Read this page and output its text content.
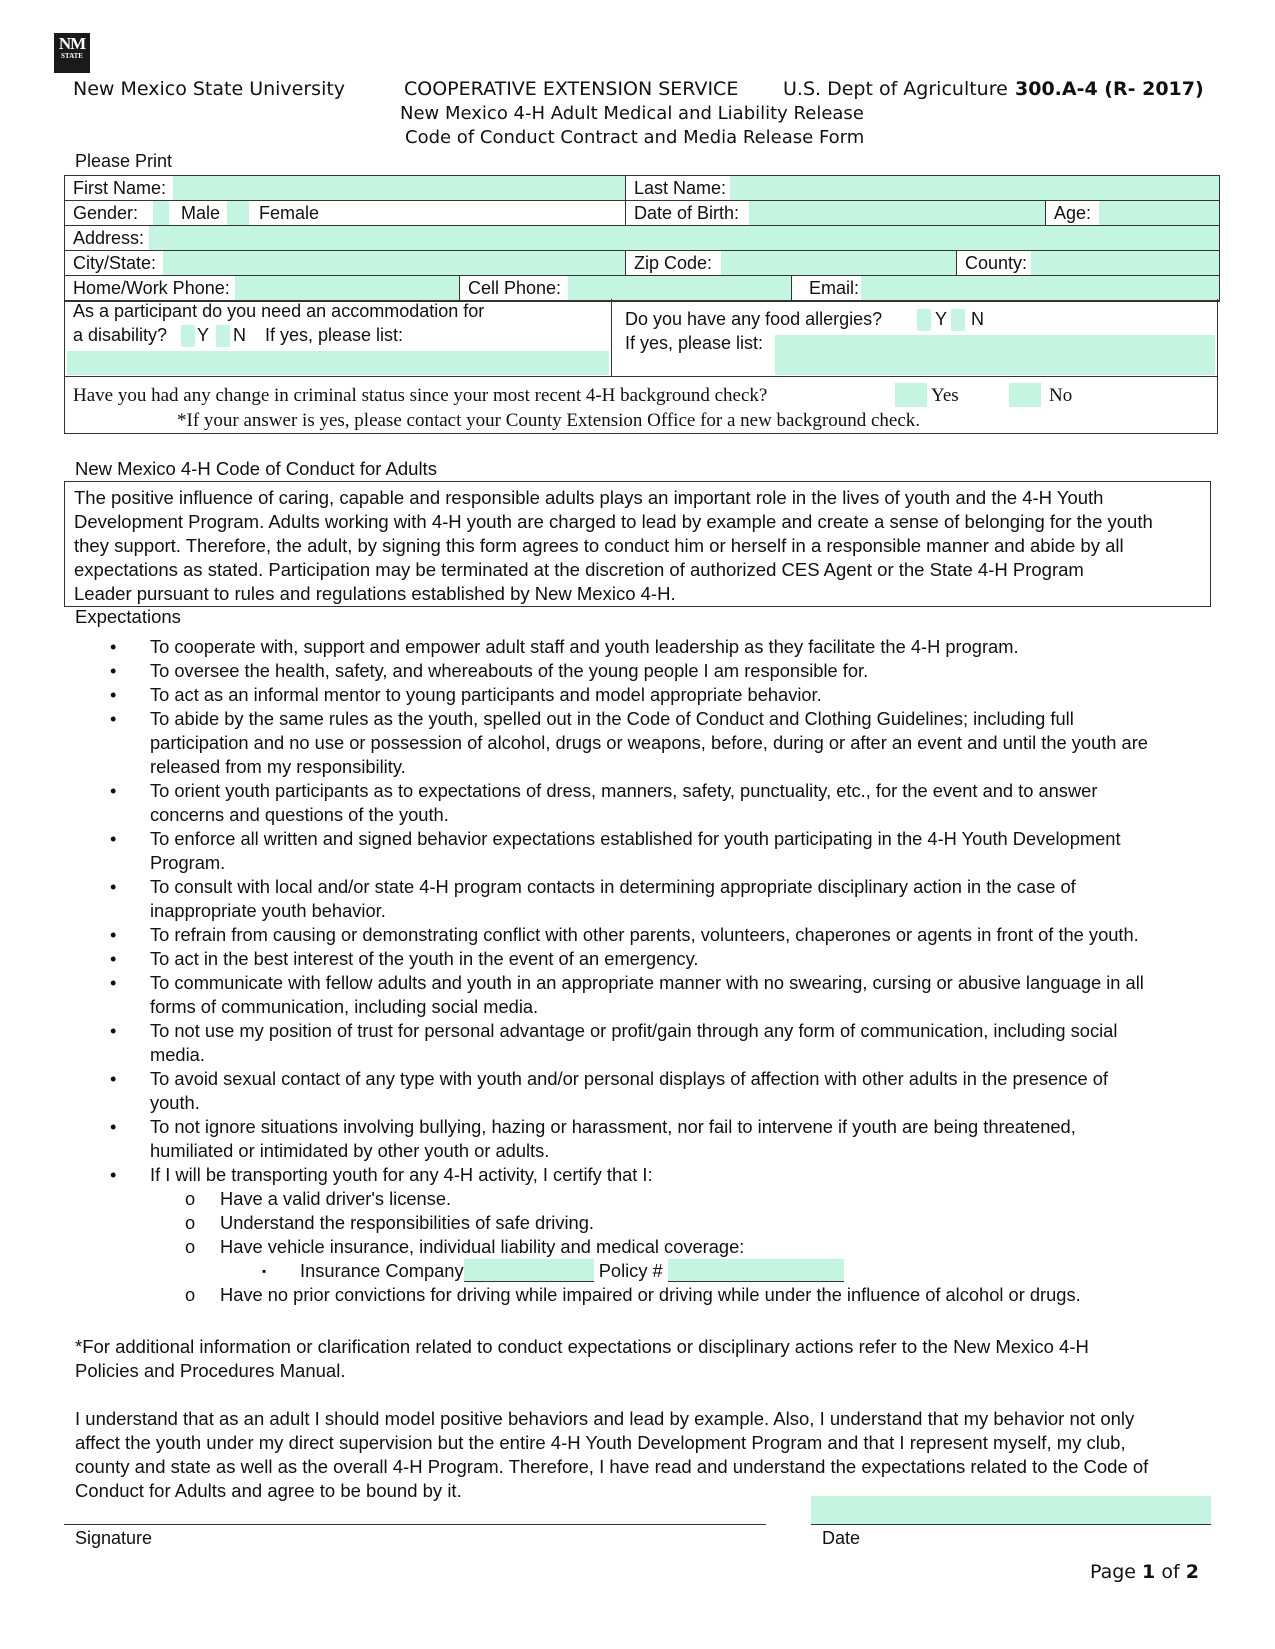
NM
STATE
New Mexico State University	COOPERATIVE EXTENSION SERVICE U.S. Dept of Agriculture 300.A-4 (R- 2017)
New Mexico 4-H Adult Medical and Liability Release
Code of Conduct Contract and Media Release Form
Please Print
First Name:	Last Name:
Gender:	Male	Female	Date of Birth:	Age:
Address:
City/State:	Zip Code:	County:
Home/Work Phone:	Cell Phone:	Email:
As a participant do you need an accommodation for
a disability? Y N If yes, please list:
Do you have any food allergies?	Y N
If yes, please list:
Have you had any change in criminal status since your most recent 4-H background check?	Yes	No
*If your answer is yes, please contact your County Extension Office for a new background check.
New Mexico 4-H Code of Conduct for Adults
The positive influence of caring, capable and responsible adults plays an important role in the lives of youth and the 4-H Youth
Development Program. Adults working with 4-H youth are charged to lead by example and create a sense of belonging for the youth
they support. Therefore, the adult, by signing this form agrees to conduct him or herself in a responsible manner and abide by all
expectations as stated. Participation may be terminated at the discretion of authorized CES Agent or the State 4-H Program
Leader pursuant to rules and regulations established by New Mexico 4-H.
Expectations
• To cooperate with, support and empower adult staff and youth leadership as they facilitate the 4-H program.
• To oversee the health, safety, and whereabouts of the young people I am responsible for.
• To act as an informal mentor to young participants and model appropriate behavior.
• To abide by the same rules as the youth, spelled out in the Code of Conduct and Clothing Guidelines; including full
participation and no use or possession of alcohol, drugs or weapons, before, during or after an event and until the youth are
released from my responsibility.
• To orient youth participants as to expectations of dress, manners, safety, punctuality, etc., for the event and to answer
concerns and questions of the youth.
• To enforce all written and signed behavior expectations established for youth participating in the 4-H Youth Development
Program.
• To consult with local and/or state 4-H program contacts in determining appropriate disciplinary action in the case of
inappropriate youth behavior.
• To refrain from causing or demonstrating conflict with other parents, volunteers, chaperones or agents in front of the youth.
• To act in the best interest of the youth in the event of an emergency.
• To communicate with fellow adults and youth in an appropriate manner with no swearing, cursing or abusive language in all
forms of communication, including social media.
• To not use my position of trust for personal advantage or profit/gain through any form of communication, including social
media.
• To avoid sexual contact of any type with youth and/or personal displays of affection with other adults in the presence of
youth.
• To not ignore situations involving bullying, hazing or harassment, nor fail to intervene if youth are being threatened,
humiliated or intimidated by other youth or adults.
• If I will be transporting youth for any 4-H activity, I certify that I:
o Have a valid driver's license.
o Understand the responsibilities of safe driving.
o Have vehicle insurance, individual liability and medical coverage:
▪ Insurance Company	Policy #
o Have no prior convictions for driving while impaired or driving while under the influence of alcohol or drugs.
*For additional information or clarification related to conduct expectations or disciplinary actions refer to the New Mexico 4-H
Policies and Procedures Manual.
I understand that as an adult I should model positive behaviors and lead by example. Also, I understand that my behavior not only
affect the youth under my direct supervision but the entire 4-H Youth Development Program and that I represent myself, my club,
county and state as well as the overall 4-H Program. Therefore, I have read and understand the expectations related to the Code of
Conduct for Adults and agree to be bound by it.
Signature	Date
Page 1 of 2
